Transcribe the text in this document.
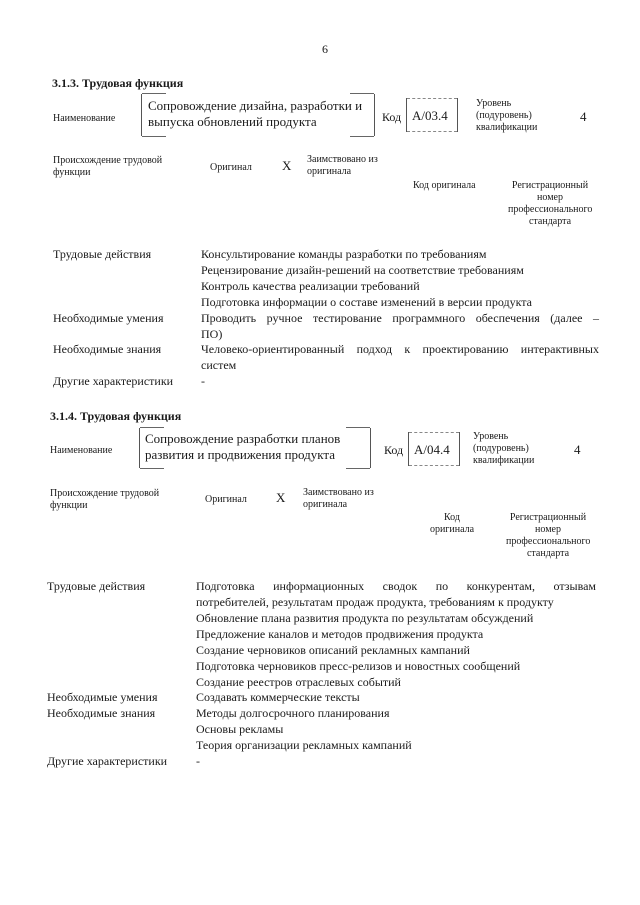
6
3.1.3. Трудовая функция
Наименование
Сопровождение дизайна, разработки и
выпуска обновлений продукта	Код А/03.4
Уровень
(подуровень)
квалификации
4
Происхождение трудовой
функции	Оригинал X Заимствовано из
оригинала
Код оригинала	Регистрационный
номер
профессионального
стандарта
Трудовые действия	Консультирование команды разработки по требованиям
Рецензирование дизайн-решений на соответствие требованиям
Контроль качества реализации требований
Подготовка информации о составе изменений в версии продукта
Необходимые умения	Проводить ручное тестирование программного обеспечения (далее –
ПО)
Необходимые знания	Человеко-ориентированный подход к проектированию интерактивных
систем
Другие характеристики -
3.1.4. Трудовая функция
Наименование
Сопровождение разработки планов
развития и продвижения продукта	Код А/04.4
Уровень
(подуровень)
квалификации
4
Происхождение трудовой
функции
Оригинал X Заимствовано из
оригинала
Код
оригинала
Регистрационный
номер
профессионального
стандарта
Трудовые действия	Подготовка информационных сводок по конкурентам, отзывам
потребителей, результатам продаж продукта, требованиям к продукту
Обновление плана развития продукта по результатам обсуждений
Предложение каналов и методов продвижения продукта
Создание черновиков описаний рекламных кампаний
Подготовка черновиков пресс-релизов и новостных сообщений
Создание реестров отраслевых событий
Необходимые умения	Создавать коммерческие тексты
Необходимые знания	Методы долгосрочного планирования
Основы рекламы
Теория организации рекламных кампаний
Другие характеристики -
